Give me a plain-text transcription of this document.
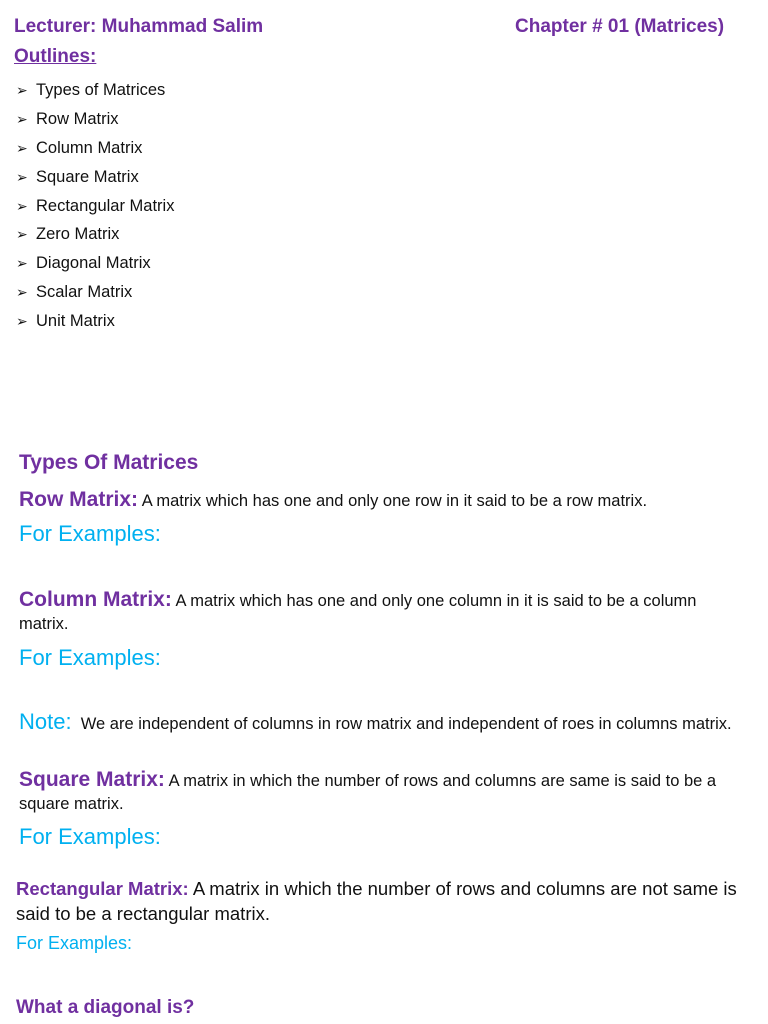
Lecturer: Muhammad Salim	Chapter # 01 (Matrices)
Outlines:
➢ Types of Matrices
➢ Row Matrix
➢ Column Matrix
➢ Square Matrix
➢ Rectangular Matrix
➢ Zero Matrix
➢ Diagonal Matrix
➢ Scalar Matrix
➢ Unit Matrix
Types Of Matrices
Row Matrix: A matrix which has one and only one row in it said to be a row matrix.
For Examples:
Column Matrix: A matrix which has one and only one column in it is said to be a column matrix.
For Examples:
Note: We are independent of columns in row matrix and independent of roes in columns matrix.
Square Matrix: A matrix in which the number of rows and columns are same is said to be a square matrix.
For Examples:
Rectangular Matrix: A matrix in which the number of rows and columns are not same is said to be a rectangular matrix.
For Examples:
What a diagonal is?
